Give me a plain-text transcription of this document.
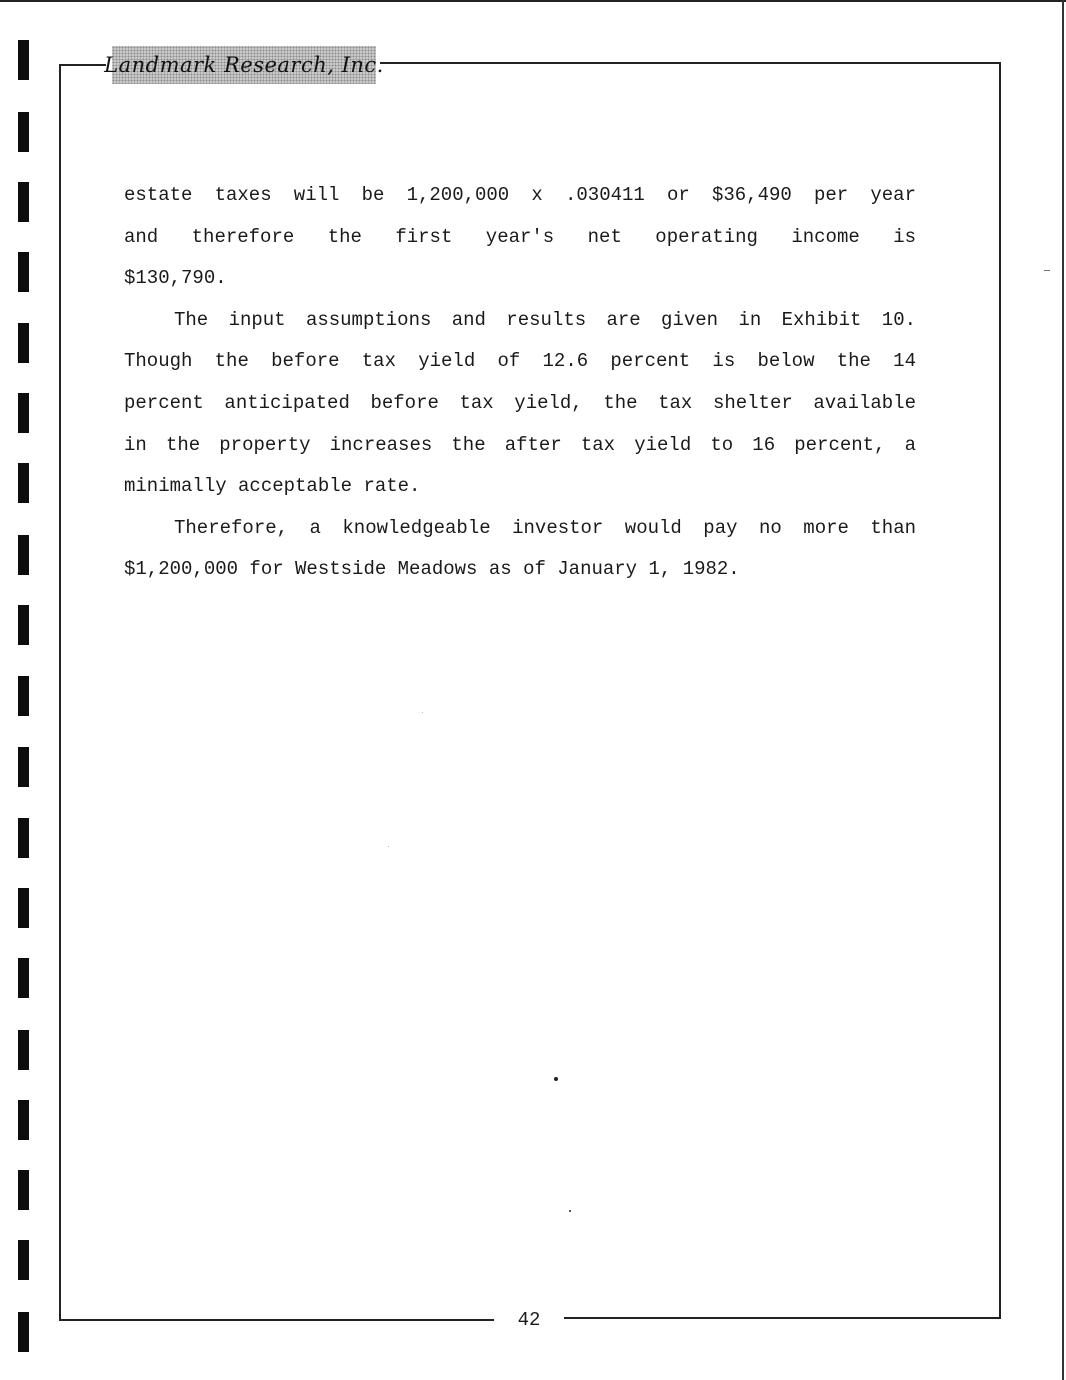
Landmark Research, Inc.
estate taxes will be 1,200,000 x .030411 or $36,490 per year
and therefore the first year's net operating income is
$130,790.
The input assumptions and results are given in Exhibit 10.
Though the before tax yield of 12.6 percent is below the 14
percent anticipated before tax yield, the tax shelter available
in the property increases the after tax yield to 16 percent, a
minimally acceptable rate.
Therefore, a knowledgeable investor would pay no more than
$1,200,000 for Westside Meadows as of January 1, 1982.
42
